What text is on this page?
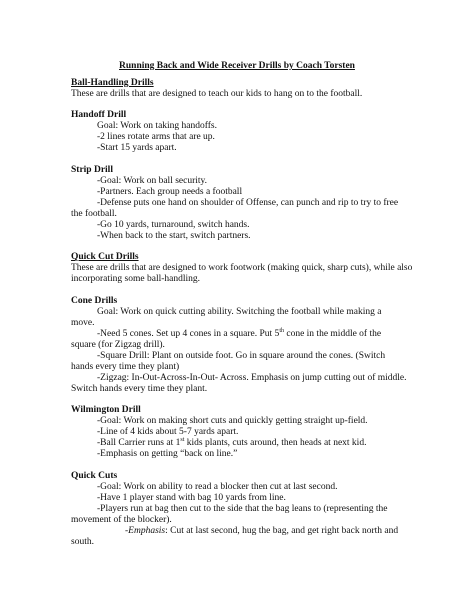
Running Back and Wide Receiver Drills by Coach Torsten
Ball-Handling Drills
These are drills that are designed to teach our kids to hang on to the football.
Handoff Drill
Goal: Work on taking handoffs.
-2 lines rotate arms that are up.
-Start 15 yards apart.
Strip Drill
-Goal: Work on ball security.
-Partners. Each group needs a football
-Defense puts one hand on shoulder of Offense, can punch and rip to try to free
the football.
-Go 10 yards, turnaround, switch hands.
-When back to the start, switch partners.
Quick Cut Drills
These are drills that are designed to work footwork (making quick, sharp cuts), while also
incorporating some ball-handling.
Cone Drills
Goal: Work on quick cutting ability. Switching the football while making a
move.
-Need 5 cones. Set up 4 cones in a square. Put 5th cone in the middle of the
square (for Zigzag drill).
-Square Drill: Plant on outside foot. Go in square around the cones. (Switch
hands every time they plant)
-Zigzag: In-Out-Across-In-Out- Across. Emphasis on jump cutting out of middle.
Switch hands every time they plant.
Wilmington Drill
-Goal: Work on making short cuts and quickly getting straight up-field.
-Line of 4 kids about 5-7 yards apart.
-Ball Carrier runs at 1st kids plants, cuts around, then heads at next kid.
-Emphasis on getting “back on line.”
Quick Cuts
-Goal: Work on ability to read a blocker then cut at last second.
-Have 1 player stand with bag 10 yards from line.
-Players run at bag then cut to the side that the bag leans to (representing the
movement of the blocker).
-Emphasis: Cut at last second, hug the bag, and get right back north and
south.
